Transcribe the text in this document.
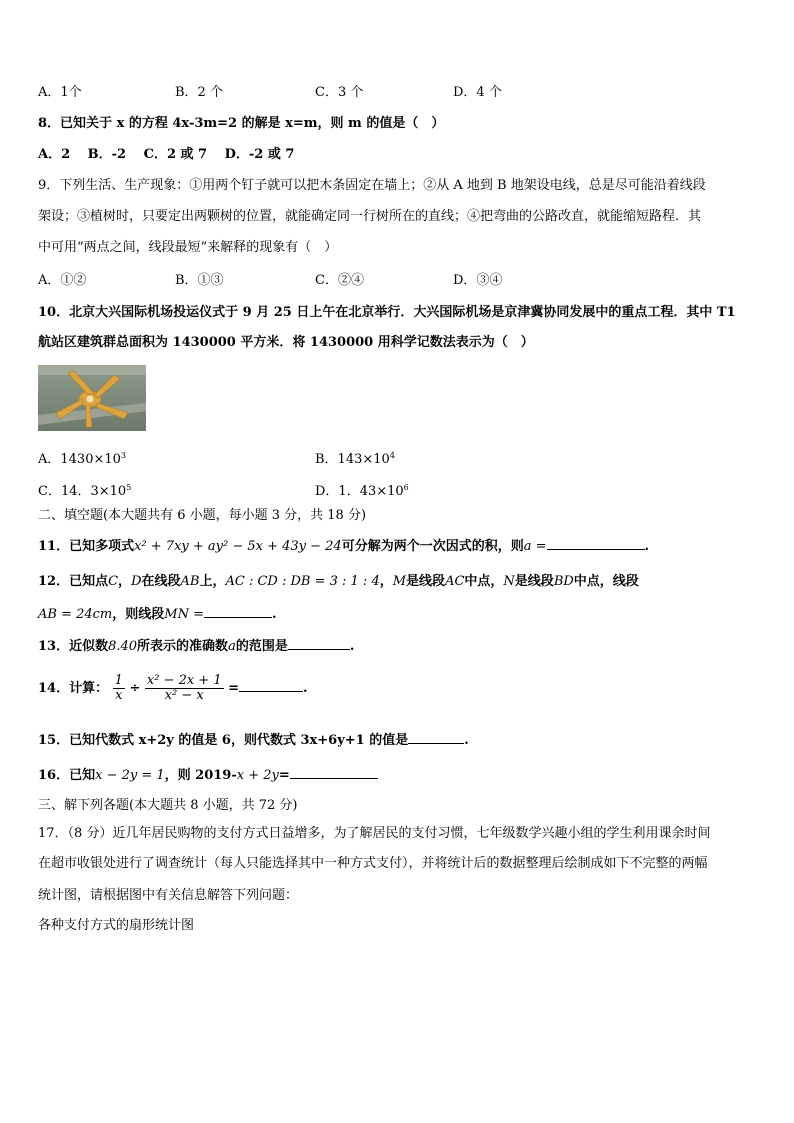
A．1个	B．2 个	C．3 个	D．4 个
8．已知关于 x 的方程 4x-3m=2 的解是 x=m，则 m 的值是（　）
A．2　 B．-2　 C．2 或 7　 D．-2 或 7
9．下列生活、生产现象：①用两个钉子就可以把木条固定在墙上；②从 A 地到 B 地架设电线，总是尽可能沿着线段
架设；③植树时，只要定出两颗树的位置，就能确定同一行树所在的直线；④把弯曲的公路改直，就能缩短路程．其
中可用“两点之间，线段最短”来解释的现象有（　）
A．①②	B．①③	C．②④	D．③④
10．北京大兴国际机场投运仪式于 9 月 25 日上午在北京举行．大兴国际机场是京津冀协同发展中的重点工程．其中 T1
航站区建筑群总面积为 1430000 平方米．将 1430000 用科学记数法表示为（　）
A．$1430\times 10^3$	B．$143\times 10^4$
C．14．$3\times 10^5$	D．1．$43\times 10^6$
二、填空题(本大题共有 6 小题，每小题 3 分，共 18 分)
11．已知多项式x² + 7xy + ay² − 5x + 43y − 24可分解为两个一次因式的积，则a =	.
12．已知点C，D在线段AB上，AC : CD : DB = 3 : 1 : 4，M是线段AC中点，N是线段BD中点，线段
AB = 24cm，则线段MN =	.
13．近似数8.40所表示的准确数a的范围是	.
14．计算： $\frac{1}{x} \div \frac{\text{x² − 2x + 1}}{\text{x² − x}}$ =	.
15．已知代数式 x+2y 的值是 6，则代数式 3x+6y+1 的值是	.
16．已知x − 2y = 1，则 2019-x + 2y=
三、解下列各题(本大题共 8 小题，共 72 分)
17．（8 分）近几年居民购物的支付方式日益增多，为了解居民的支付习惯，七年级数学兴趣小组的学生利用课余时间
在超市收银处进行了调查统计（每人只能选择其中一种方式支付），并将统计后的数据整理后绘制成如下不完整的两幅
统计图，请根据图中有关信息解答下列问题：
各种支付方式的扇形统计图
